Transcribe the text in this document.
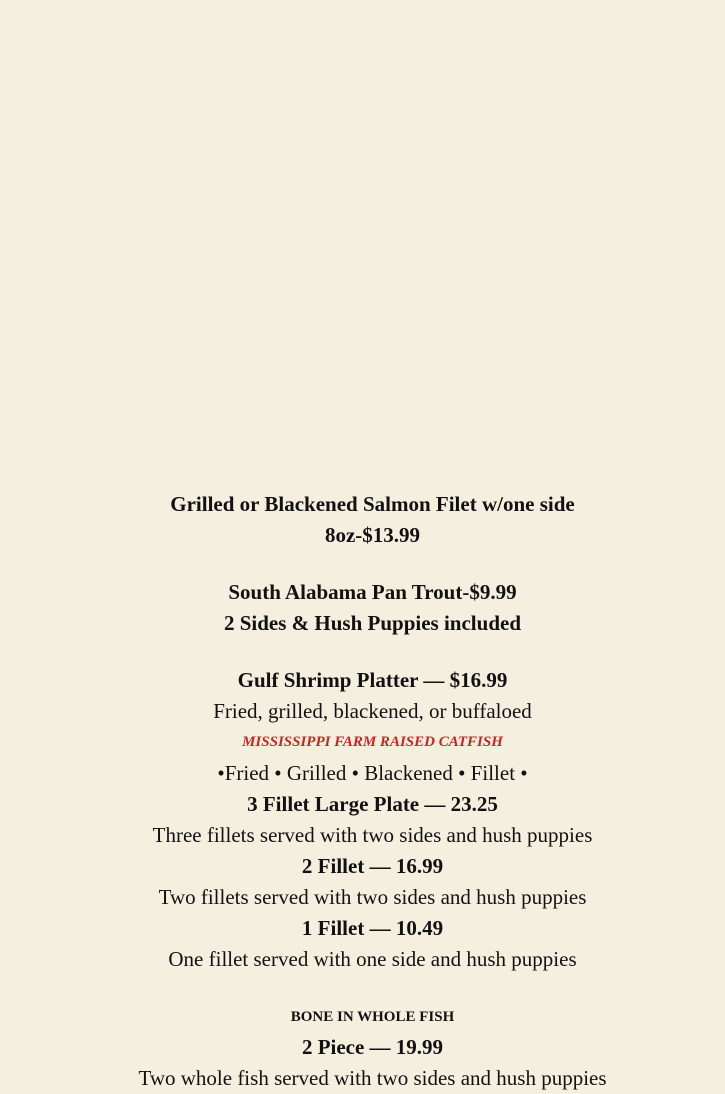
Grilled or Blackened Salmon Filet w/one side
8oz-$13.99
South Alabama Pan Trout-$9.99
2 Sides & Hush Puppies included
Gulf Shrimp Platter — $16.99
Fried, grilled, blackened, or buffaloed
MISSISSIPPI FARM RAISED CATFISH
•Fried • Grilled • Blackened • Fillet •
3 Fillet Large Plate — 23.25
Three fillets served with two sides and hush puppies
2 Fillet — 16.99
Two fillets served with two sides and hush puppies
1 Fillet — 10.49
One fillet served with one side and hush puppies
BONE IN WHOLE FISH
2 Piece — 19.99
Two whole fish served with two sides and hush puppies
